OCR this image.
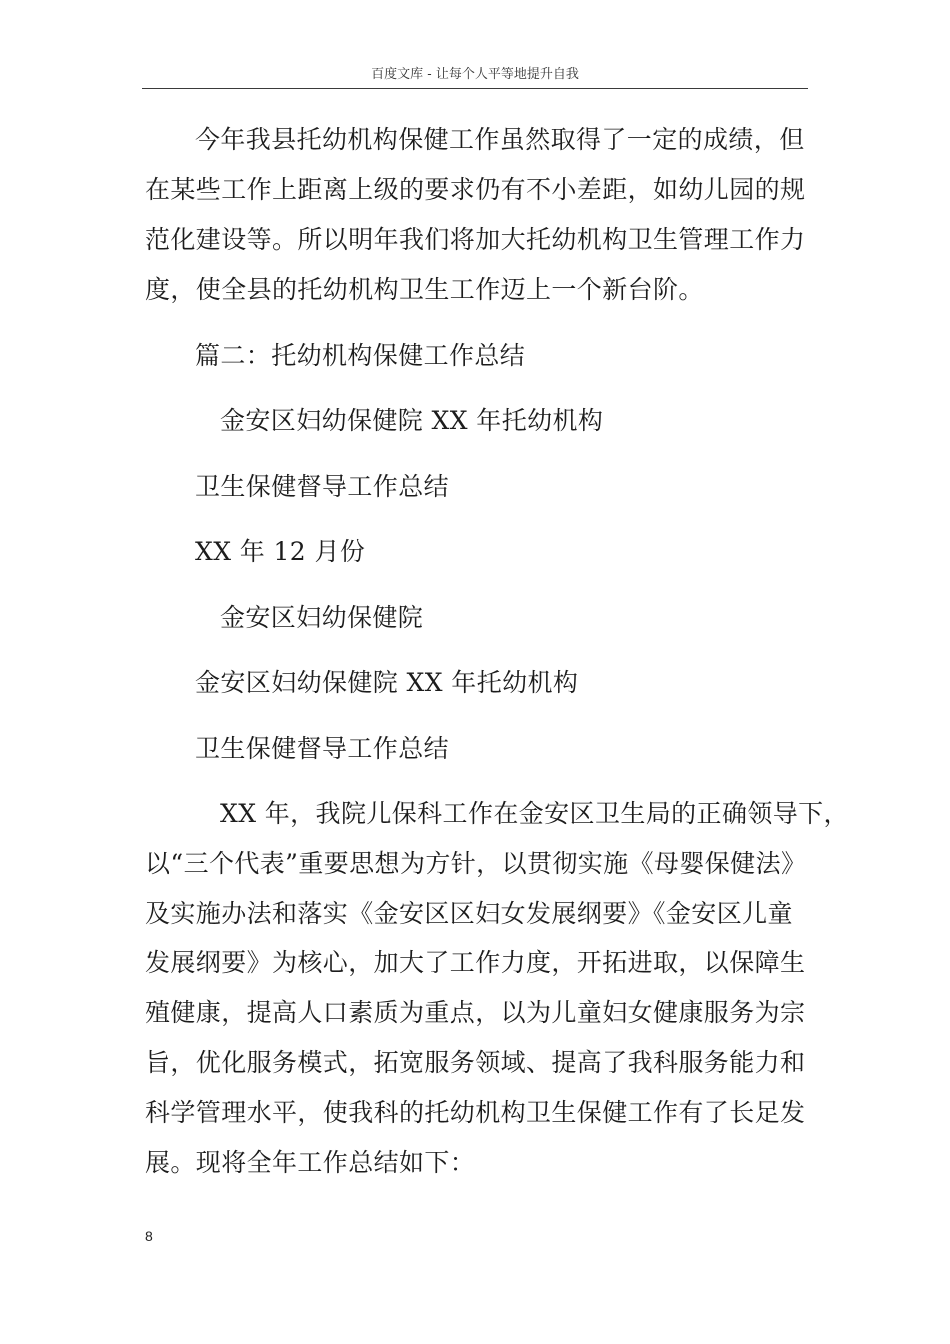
百度文库 - 让每个人平等地提升自我
今年我县托幼机构保健工作虽然取得了一定的成绩，但
在某些工作上距离上级的要求仍有不小差距，如幼儿园的规
范化建设等。所以明年我们将加大托幼机构卫生管理工作力
度，使全县的托幼机构卫生工作迈上一个新台阶。
篇二：托幼机构保健工作总结
金安区妇幼保健院 XX 年托幼机构
卫生保健督导工作总结
XX 年 12 月份
金安区妇幼保健院
金安区妇幼保健院 XX 年托幼机构
卫生保健督导工作总结
XX 年，我院儿保科工作在金安区卫生局的正确领导下，
以“三个代表”重要思想为方针，以贯彻实施《母婴保健法》
及实施办法和落实《金安区区妇女发展纲要》《金安区儿童
发展纲要》为核心，加大了工作力度，开拓进取，以保障生
殖健康，提高人口素质为重点，以为儿童妇女健康服务为宗
旨，优化服务模式，拓宽服务领域、提高了我科服务能力和
科学管理水平，使我科的托幼机构卫生保健工作有了长足发
展。现将全年工作总结如下：
8
